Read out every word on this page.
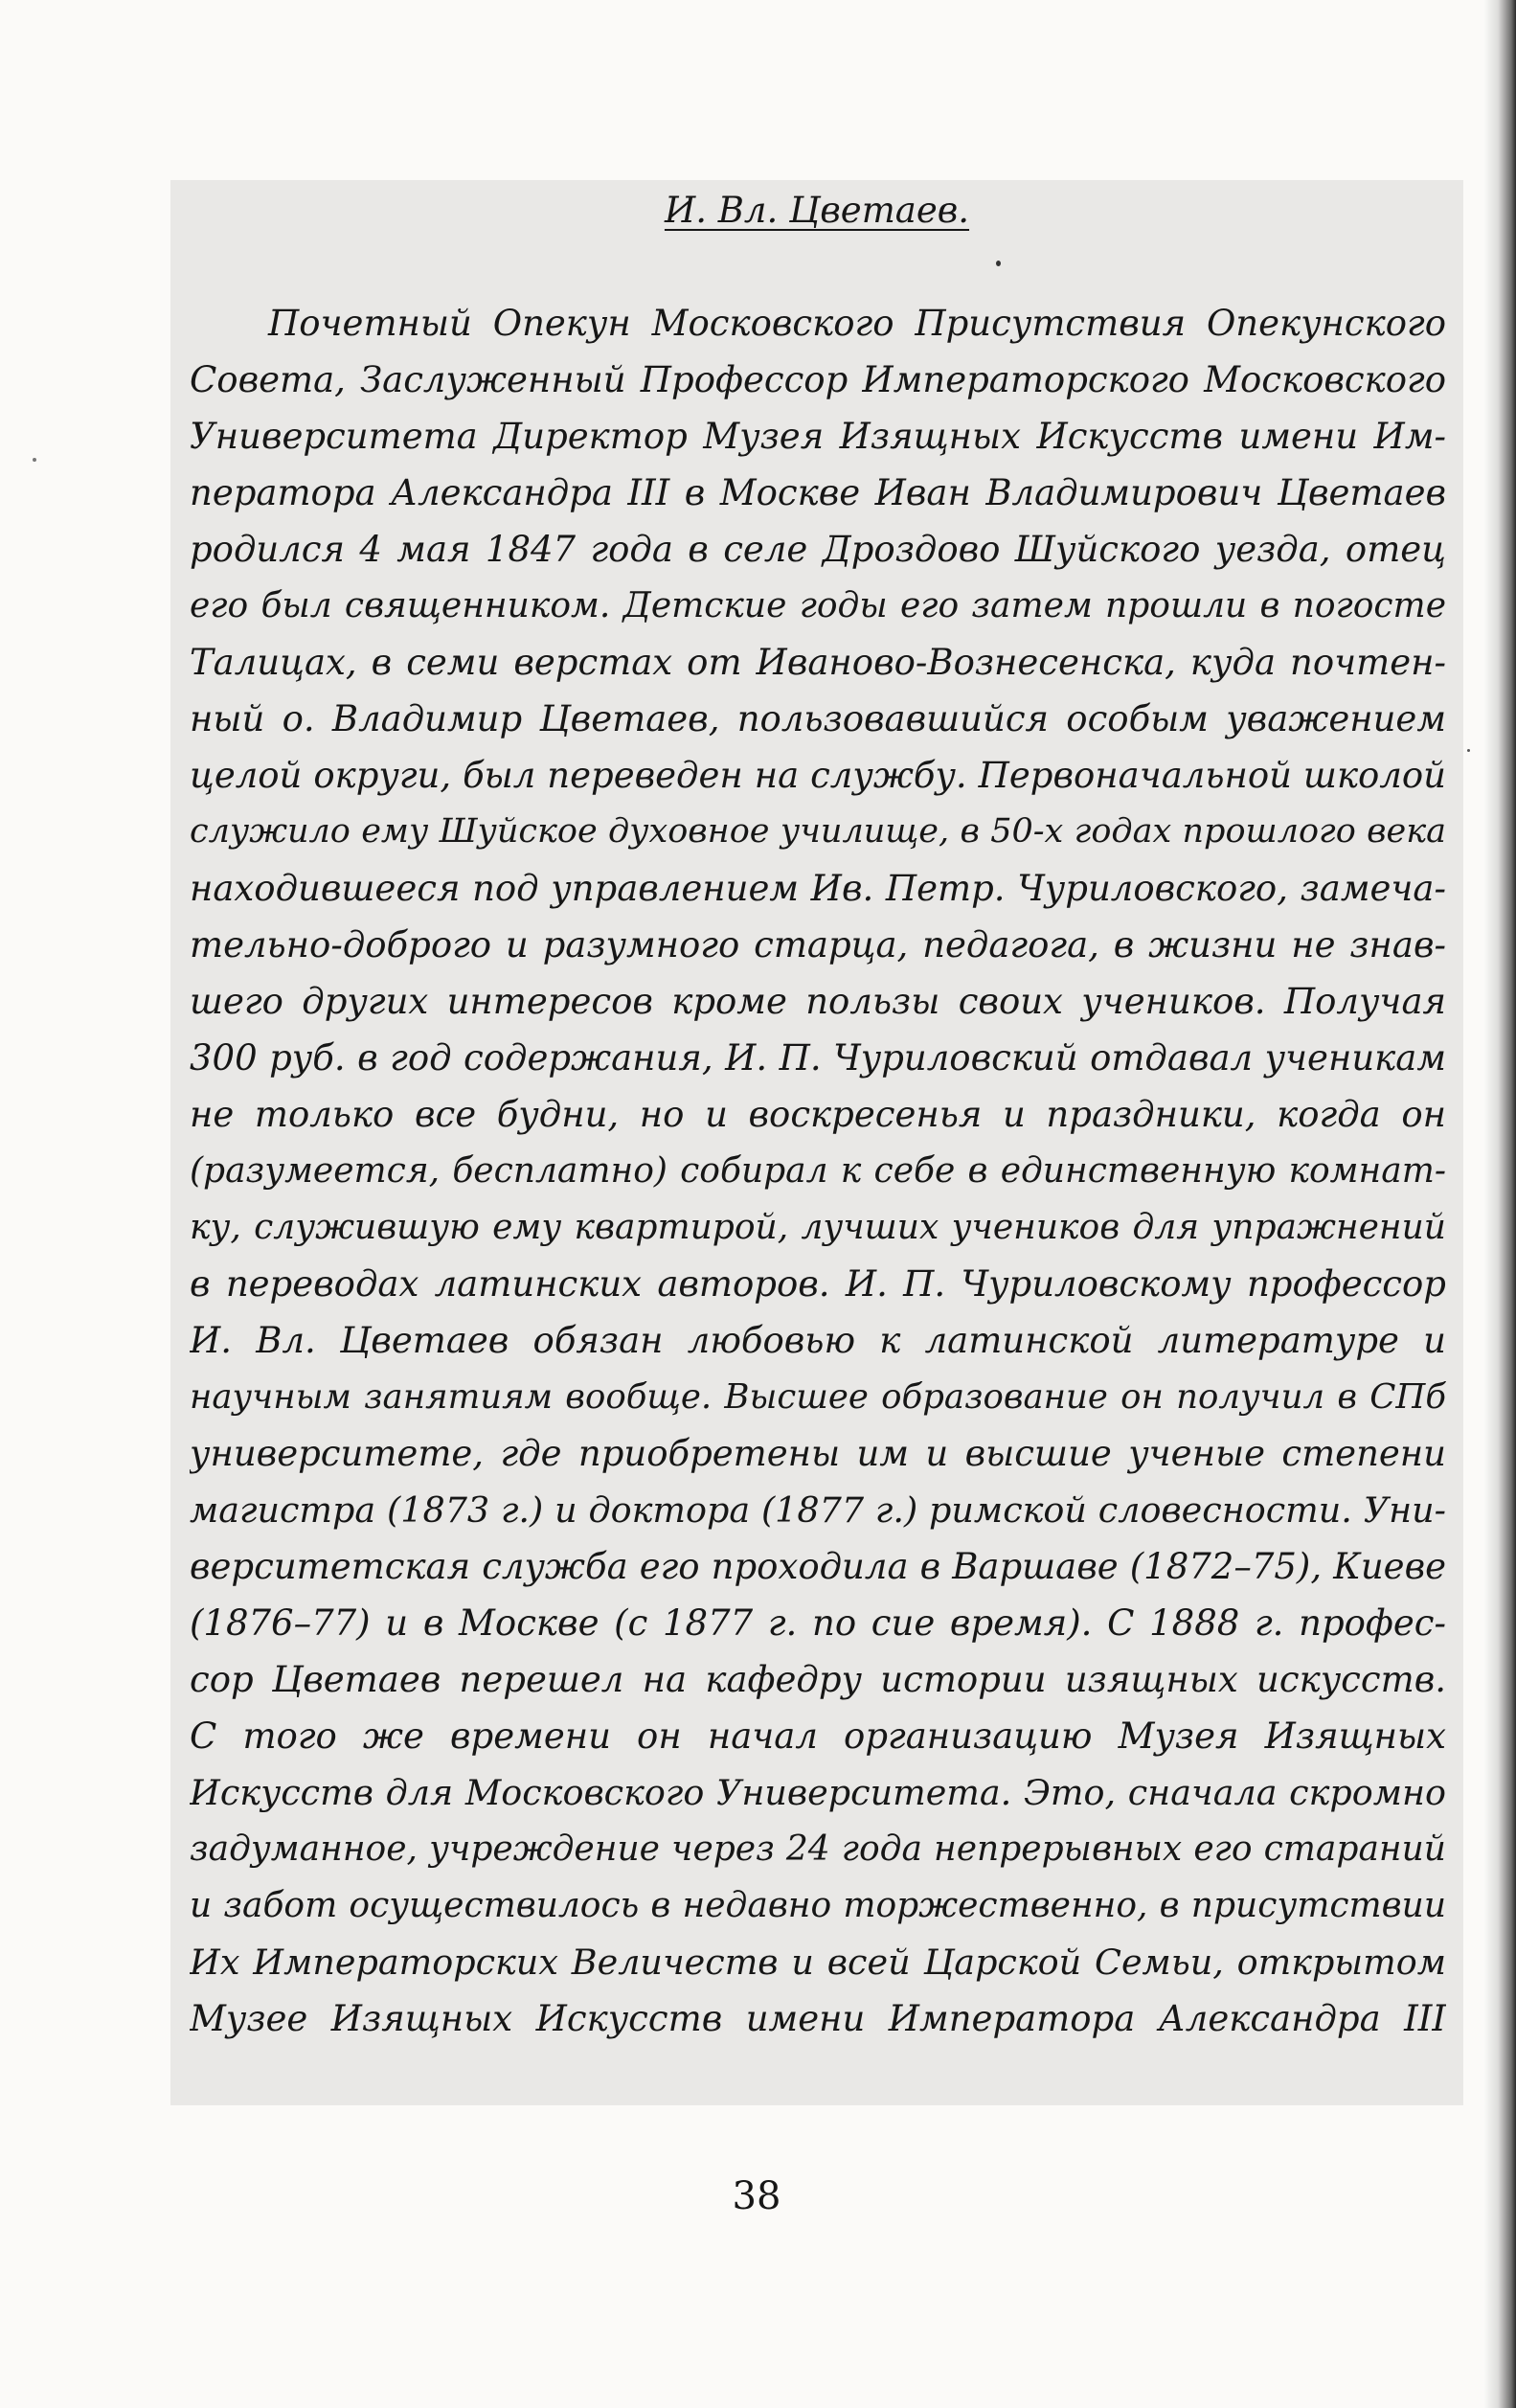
И. Вл. Цветаев.
Почетный Опекун Московского Присутствия Опекунского
Совета, Заслуженный Профессор Императорского Московского
Университета Директор Музея Изящных Искусств имени Им-
ператора Александра III в Москве Иван Владимирович Цветаев
родился 4 мая 1847 года в селе Дроздово Шуйского уезда, отец
его был священником. Детские годы его затем прошли в погосте
Талицах, в семи верстах от Иваново-Вознесенска, куда почтен-
ный о. Владимир Цветаев, пользовавшийся особым уважением
целой округи, был переведен на службу. Первоначальной школой
служило ему Шуйское духовное училище, в 50-х годах прошлого века
находившееся под управлением Ив. Петр. Чуриловского, замеча-
тельно-доброго и разумного старца, педагога, в жизни не знав-
шего других интересов кроме пользы своих учеников. Получая
300 руб. в год содержания, И. П. Чуриловский отдавал ученикам
не только все будни, но и воскресенья и праздники, когда он
(разумеется, бесплатно) собирал к себе в единственную комнат-
ку, служившую ему квартирой, лучших учеников для упражнений
в переводах латинских авторов. И. П. Чуриловскому профессор
И. Вл. Цветаев обязан любовью к латинской литературе и
научным занятиям вообще. Высшее образование он получил в СПб
университете, где приобретены им и высшие ученые степени
магистра (1873 г.) и доктора (1877 г.) римской словесности. Уни-
верситетская служба его проходила в Варшаве (1872–75), Киеве
(1876–77) и в Москве (с 1877 г. по сие время). С 1888 г. профес-
сор Цветаев перешел на кафедру истории изящных искусств.
С того же времени он начал организацию Музея Изящных
Искусств для Московского Университета. Это, сначала скромно
задуманное, учреждение через 24 года непрерывных его стараний
и забот осуществилось в недавно торжественно, в присутствии
Их Императорских Величеств и всей Царской Семьи, открытом
Музее Изящных Искусств имени Императора Александра III
38
